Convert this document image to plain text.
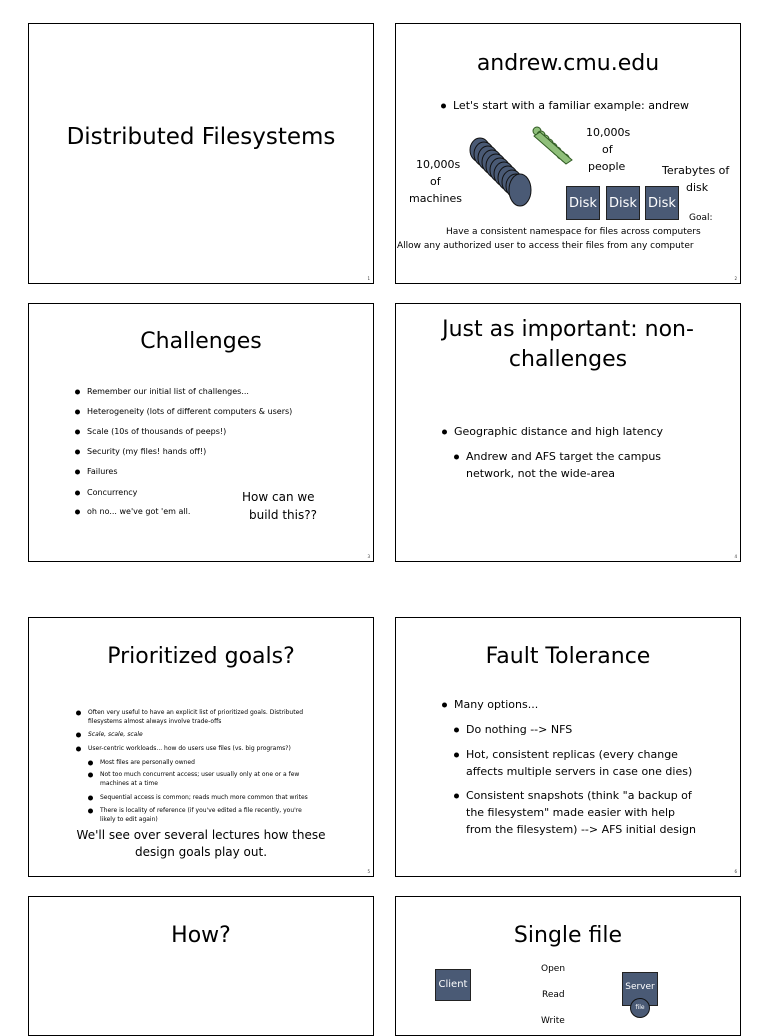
Distributed Filesystems
1
andrew.cmu.edu
Let's start with a familiar example: andrew
10,000s
of
machines
10,000s
of
people	Terabytes of
disk
Disk Disk Disk
Goal:
Have a consistent namespace for files across computers
Allow any authorized user to access their files from any computer
2
Challenges
Remember our initial list of challenges...
Heterogeneity (lots of different computers & users)
Scale (10s of thousands of peeps!)
Security (my files! hands off!)
Failures
Concurrency
oh no... we've got 'em all.
How can we
build this??
3
Just as important: non-
challenges
Geographic distance and high latency
Andrew and AFS target the campus
network, not the wide-area
4
Prioritized goals?
Often very useful to have an explicit list of prioritized goals. Distributed
filesystems almost always involve trade-offs
Scale, scale, scale
User-centric workloads... how do users use files (vs. big programs?)
Most files are personally owned
Not too much concurrent access; user usually only at one or a few
machines at a time
Sequential access is common; reads much more common that writes
There is locality of reference (if you've edited a file recently, you're
likely to edit again)
We'll see over several lectures how these
design goals play out.
5
Fault Tolerance
Many options...
Do nothing --> NFS
Hot, consistent replicas (every change
affects multiple servers in case one dies)
Consistent snapshots (think "a backup of
the filesystem" made easier with help
from the filesystem) --> AFS initial design
6
How?	Single file
Client
Open
Read
Write
Server
file
